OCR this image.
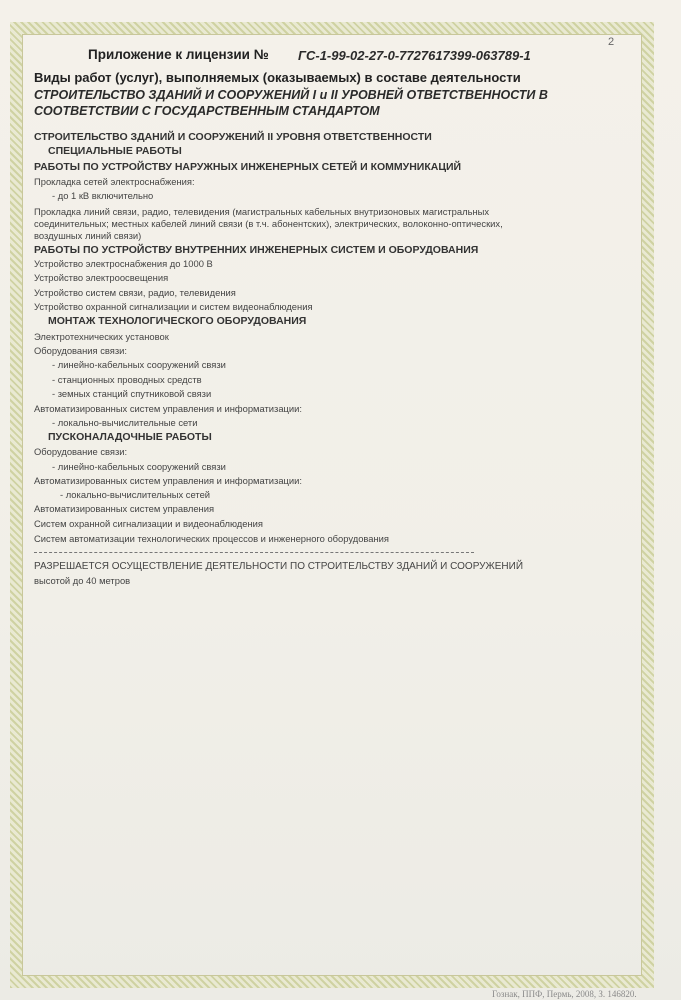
2
Приложение к лицензии № ГС-1-99-02-27-0-7727617399-063789-1
Виды работ (услуг), выполняемых (оказываемых) в составе деятельности
СТРОИТЕЛЬСТВО ЗДАНИЙ И СООРУЖЕНИЙ I и II УРОВНЕЙ ОТВЕТСТВЕННОСТИ В
СООТВЕТСТВИИ С ГОСУДАРСТВЕННЫМ СТАНДАРТОМ
СТРОИТЕЛЬСТВО ЗДАНИЙ И СООРУЖЕНИЙ II УРОВНЯ ОТВЕТСТВЕННОСТИ
СПЕЦИАЛЬНЫЕ РАБОТЫ
РАБОТЫ ПО УСТРОЙСТВУ НАРУЖНЫХ ИНЖЕНЕРНЫХ СЕТЕЙ И КОММУНИКАЦИЙ
Прокладка сетей электроснабжения:
- до 1 кВ включительно
Прокладка линий связи, радио, телевидения (магистральных кабельных внутризоновых магистральных
соединительных; местных кабелей линий связи (в т.ч. абонентских), электрических, волоконно-оптических,
воздушных линий связи)
РАБОТЫ ПО УСТРОЙСТВУ ВНУТРЕННИХ ИНЖЕНЕРНЫХ СИСТЕМ И ОБОРУДОВАНИЯ
Устройство электроснабжения до 1000 В
Устройство электроосвещения
Устройство систем связи, радио, телевидения
Устройство охранной сигнализации и систем видеонаблюдения
МОНТАЖ ТЕХНОЛОГИЧЕСКОГО ОБОРУДОВАНИЯ
Электротехнических установок
Оборудования связи:
- линейно-кабельных сооружений связи
- станционных проводных средств
- земных станций спутниковой связи
Автоматизированных систем управления и информатизации:
- локально-вычислительные сети
ПУСКОНАЛАДОЧНЫЕ РАБОТЫ
Оборудование связи:
- линейно-кабельных сооружений связи
Автоматизированных систем управления и информатизации:
- локально-вычислительных сетей
Автоматизированных систем управления
Систем охранной сигнализации и видеонаблюдения
Систем автоматизации технологических процессов и инженерного оборудования
РАЗРЕШАЕТСЯ ОСУЩЕСТВЛЕНИЕ ДЕЯТЕЛЬНОСТИ ПО СТРОИТЕЛЬСТВУ ЗДАНИЙ И СООРУЖЕНИЙ
высотой до 40 метров
Гознак, ППФ, Пермь, 2008, З. 146820.
